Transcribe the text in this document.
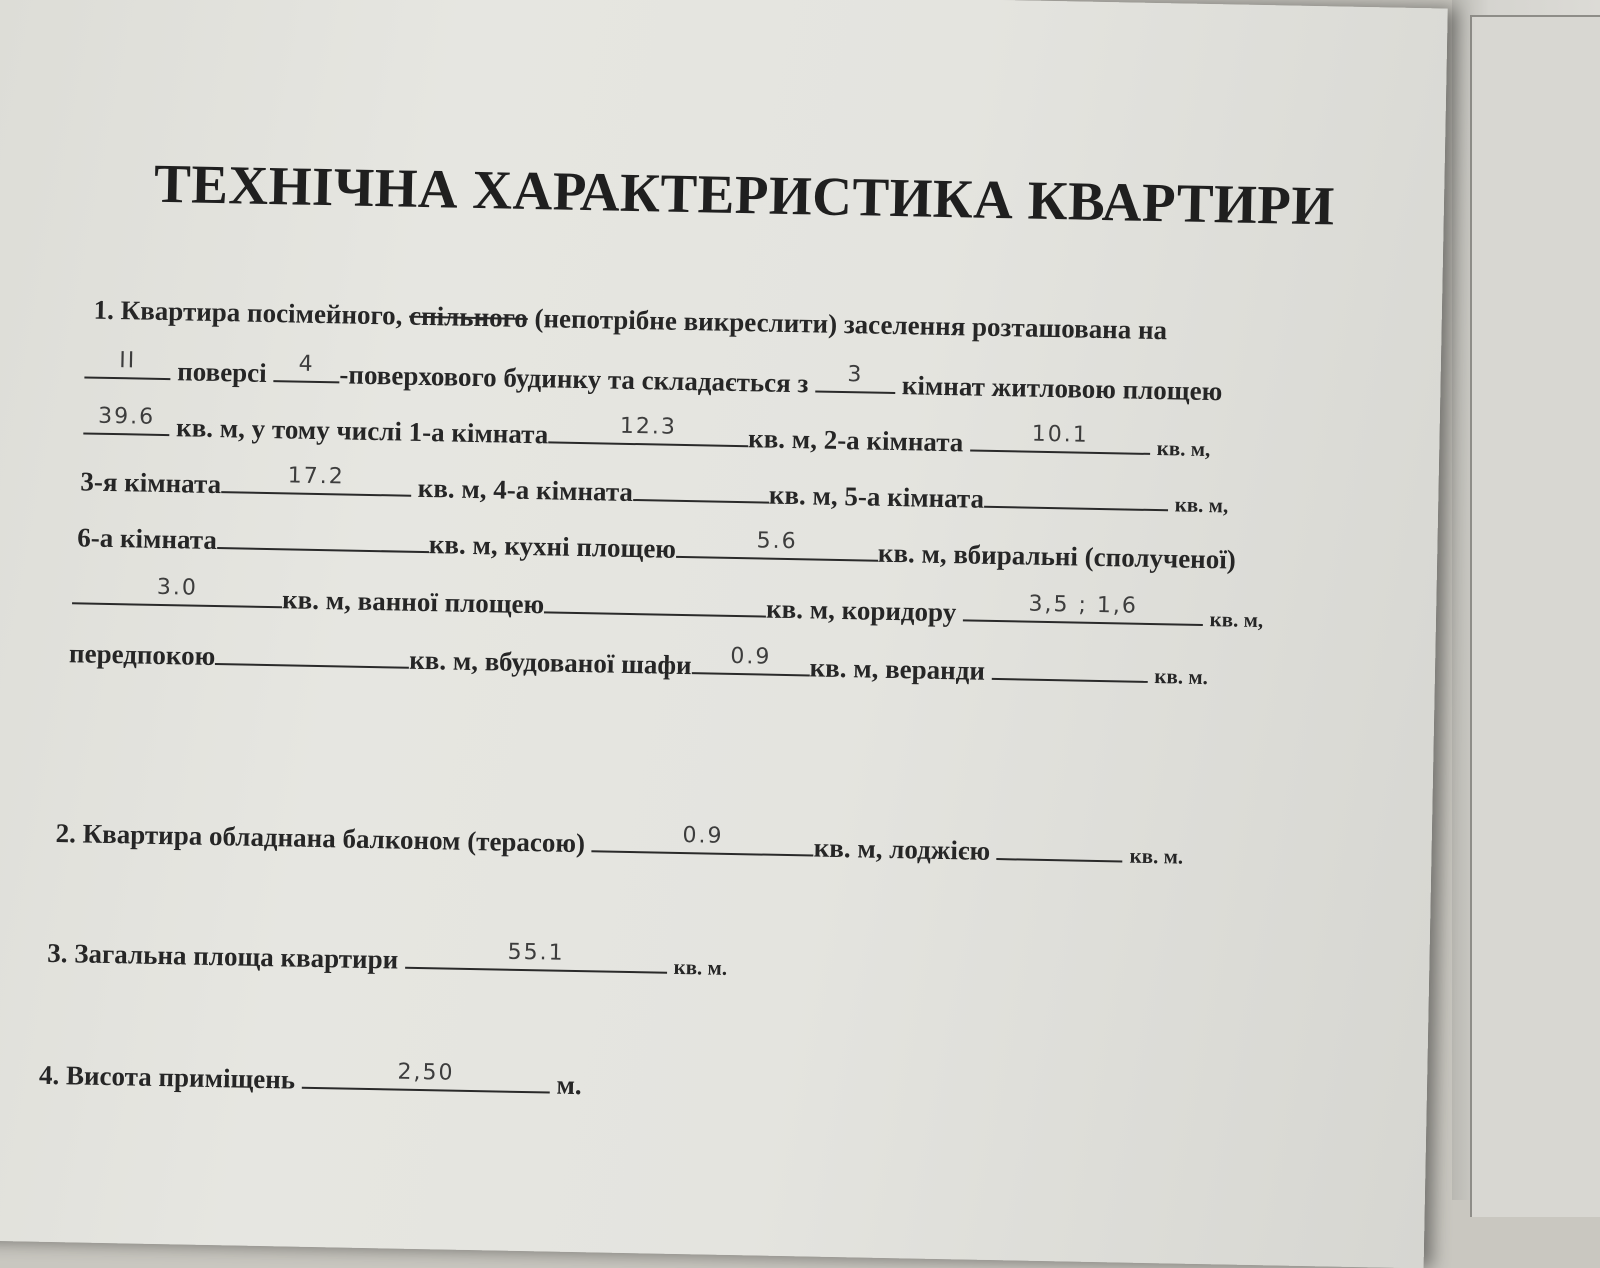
ТЕХНІЧНА ХАРАКТЕРИСТИКА КВАРТИРИ
1. Квартира посімейного, спільного (непотрібне викреслити) заселення розташована на
ІІ	поверсі	4 -поверхового будинку та складається з	3	кімнат житловою площею
39.6 кв. м, у тому числі 1-а кімната	12.3	кв. м, 2-а кімната	10.1
кв. м,
3-я кімната	17.2	кв. м, 4-а кімната	кв. м, 5-а кімната	кв. м,
6-а кімната	кв. м, кухні площею	5.6	кв. м, вбиральні (сполученої)
3.0	кв. м, ванної площею	кв. м, коридору	3,5 ; 1,6
кв. м,
передпокою	кв. м, вбудованої шафи	0.9	кв. м, веранди	кв. м.
2. Квартира обладнана балконом (терасою)	0.9	кв. м, лоджією	кв. м.
3. Загальна площа квартири	55.1
кв. м.
4. Висота приміщень	2,50	м.
